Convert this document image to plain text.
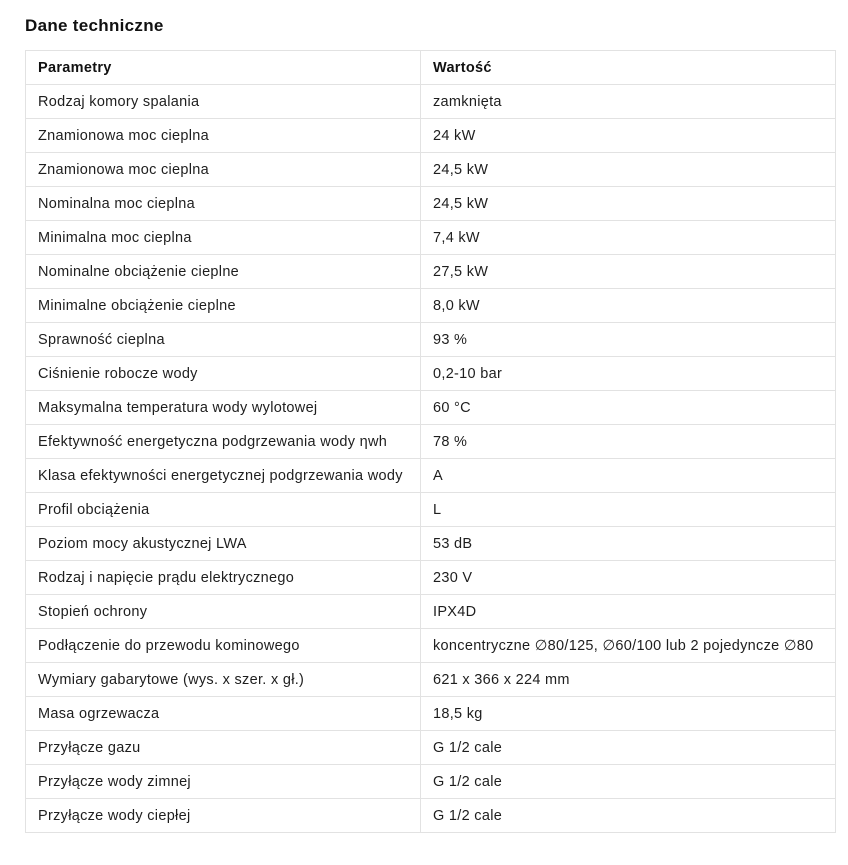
Dane techniczne
Parametry	Wartość
Rodzaj komory spalania	zamknięta
Znamionowa moc cieplna	24 kW
Znamionowa moc cieplna	24,5 kW
Nominalna moc cieplna	24,5 kW
Minimalna moc cieplna	7,4 kW
Nominalne obciążenie cieplne	27,5 kW
Minimalne obciążenie cieplne	8,0 kW
Sprawność cieplna	93 %
Ciśnienie robocze wody	0,2-10 bar
Maksymalna temperatura wody wylotowej	60 °C
Efektywność energetyczna podgrzewania wody ηwh	78 %
Klasa efektywności energetycznej podgrzewania wody	A
Profil obciążenia	L
Poziom mocy akustycznej LWA	53 dB
Rodzaj i napięcie prądu elektrycznego	230 V
Stopień ochrony	IPX4D
Podłączenie do przewodu kominowego	koncentryczne ∅80/125, ∅60/100 lub 2 pojedyncze ∅80
Wymiary gabarytowe (wys. x szer. x gł.)	621 x 366 x 224 mm
Masa ogrzewacza	18,5 kg
Przyłącze gazu	G 1/2 cale
Przyłącze wody zimnej	G 1/2 cale
Przyłącze wody ciepłej	G 1/2 cale
